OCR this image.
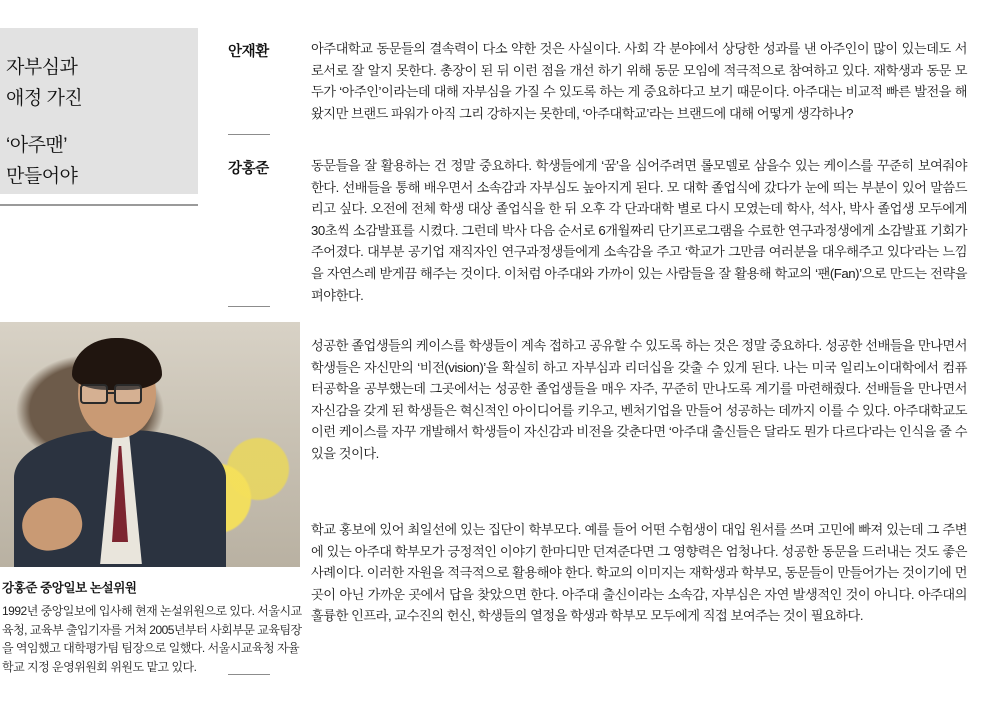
자부심과
애정 가진
‘아주맨’
만들어야
안재환	아주대학교 동문들의 결속력이 다소 약한 것은 사실이다. 사회 각 분야에서 상당한 성과를 낸 아주인이 많이 있는데도 서로서로 잘 알지 못한다. 총장이 된 뒤 이런 점을 개선 하기 위해 동문 모임에 적극적으로 참여하고 있다. 재학생과 동문 모두가 ‘아주인’이라는데 대해 자부심을 가질 수 있도록 하는 게 중요하다고 보기 때문이다. 아주대는 비교적 빠른 발전을 해왔지만 브랜드 파워가 아직 그리 강하지는 못한데, ‘아주대학교’라는 브랜드에 대해 어떻게 생각하나?
강홍준	동문들을 잘 활용하는 건 정말 중요하다. 학생들에게 ‘꿈’을 심어주려면 롤모델로 삼을수 있는 케이스를 꾸준히 보여줘야 한다. 선배들을 통해 배우면서 소속감과 자부심도 높아지게 된다. 모 대학 졸업식에 갔다가 눈에 띄는 부분이 있어 말씀드리고 싶다. 오전에 전체 학생 대상 졸업식을 한 뒤 오후 각 단과대학 별로 다시 모였는데 학사, 석사, 박사 졸업생 모두에게 30초씩 소감발표를 시켰다. 그런데 박사 다음 순서로 6개월짜리 단기프로그램을 수료한 연구과정생에게 소감발표 기회가 주어졌다. 대부분 공기업 재직자인 연구과정생들에게 소속감을 주고 ‘학교가 그만큼 여러분을 대우해주고 있다’라는 느낌을 자연스레 받게끔 해주는 것이다. 이처럼 아주대와 가까이 있는 사람들을 잘 활용해 학교의 ‘팬(Fan)’으로 만드는 전략을 펴야한다.
성공한 졸업생들의 케이스를 학생들이 계속 접하고 공유할 수 있도록 하는 것은 정말 중요하다. 성공한 선배들을 만나면서 학생들은 자신만의 ‘비전(vision)’을 확실히 하고 자부심과 리더십을 갖출 수 있게 된다. 나는 미국 일리노이대학에서 컴퓨터공학을 공부했는데 그곳에서는 성공한 졸업생들을 매우 자주, 꾸준히 만나도록 계기를 마련해줬다. 선배들을 만나면서 자신감을 갖게 된 학생들은 혁신적인 아이디어를 키우고, 벤처기업을 만들어 성공하는 데까지 이를 수 있다. 아주대학교도 이런 케이스를 자꾸 개발해서 학생들이 자신감과 비전을 갖춘다면 ‘아주대 출신들은 달라도 뭔가 다르다’라는 인식을 줄 수 있을 것이다.
학교 홍보에 있어 최일선에 있는 집단이 학부모다. 예를 들어 어떤 수험생이 대입 원서를 쓰며 고민에 빠져 있는데 그 주변에 있는 아주대 학부모가 긍정적인 이야기 한마디만 던져준다면 그 영향력은 엄청나다. 성공한 동문을 드러내는 것도 좋은 사례이다. 이러한 자원을 적극적으로 활용해야 한다. 학교의 이미지는 재학생과 학부모, 동문들이 만들어가는 것이기에 먼 곳이 아닌 가까운 곳에서 답을 찾았으면 한다. 아주대 출신이라는 소속감, 자부심은 자연 발생적인 것이 아니다. 아주대의 훌륭한 인프라, 교수진의 헌신, 학생들의 열정을 학생과 학부모 모두에게 직접 보여주는 것이 필요하다.
강홍준 중앙일보 논설위원
1992년 중앙일보에 입사해 현재 논설위원으로 있다. 서울시교육청, 교육부 출입기자를 거쳐 2005년부터 사회부문 교육팀장을 역임했고 대학평가팀 팀장으로 일했다. 서울시교육청 자율학교 지정 운영위원회 위원도 맡고 있다.
